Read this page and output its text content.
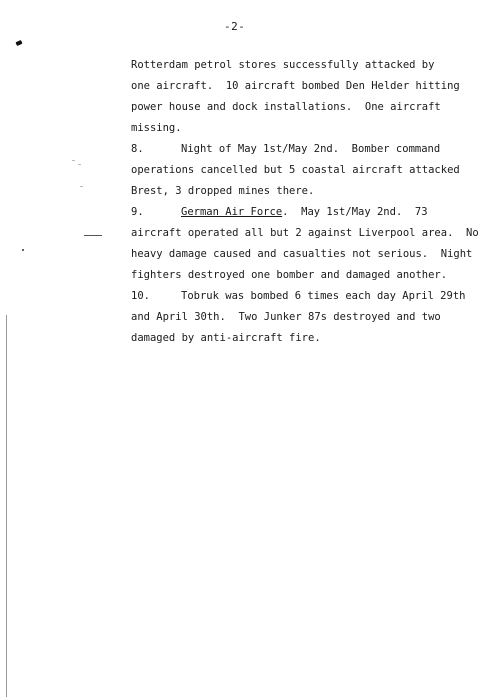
-2-
Rotterdam petrol stores successfully attacked by
one aircraft.  10 aircraft bombed Den Helder hitting
power house and dock installations.  One aircraft
missing.
8.	Night of May 1st/May 2nd.  Bomber command
operations cancelled but 5 coastal aircraft attacked
Brest, 3 dropped mines there.
9.	German Air Force.  May 1st/May 2nd.  73
aircraft operated all but 2 against Liverpool area.  No
heavy damage caused and casualties not serious.  Night
fighters destroyed one bomber and damaged another.
10.	Tobruk was bombed 6 times each day April 29th
and April 30th.  Two Junker 87s destroyed and two
damaged by anti-aircraft fire.
